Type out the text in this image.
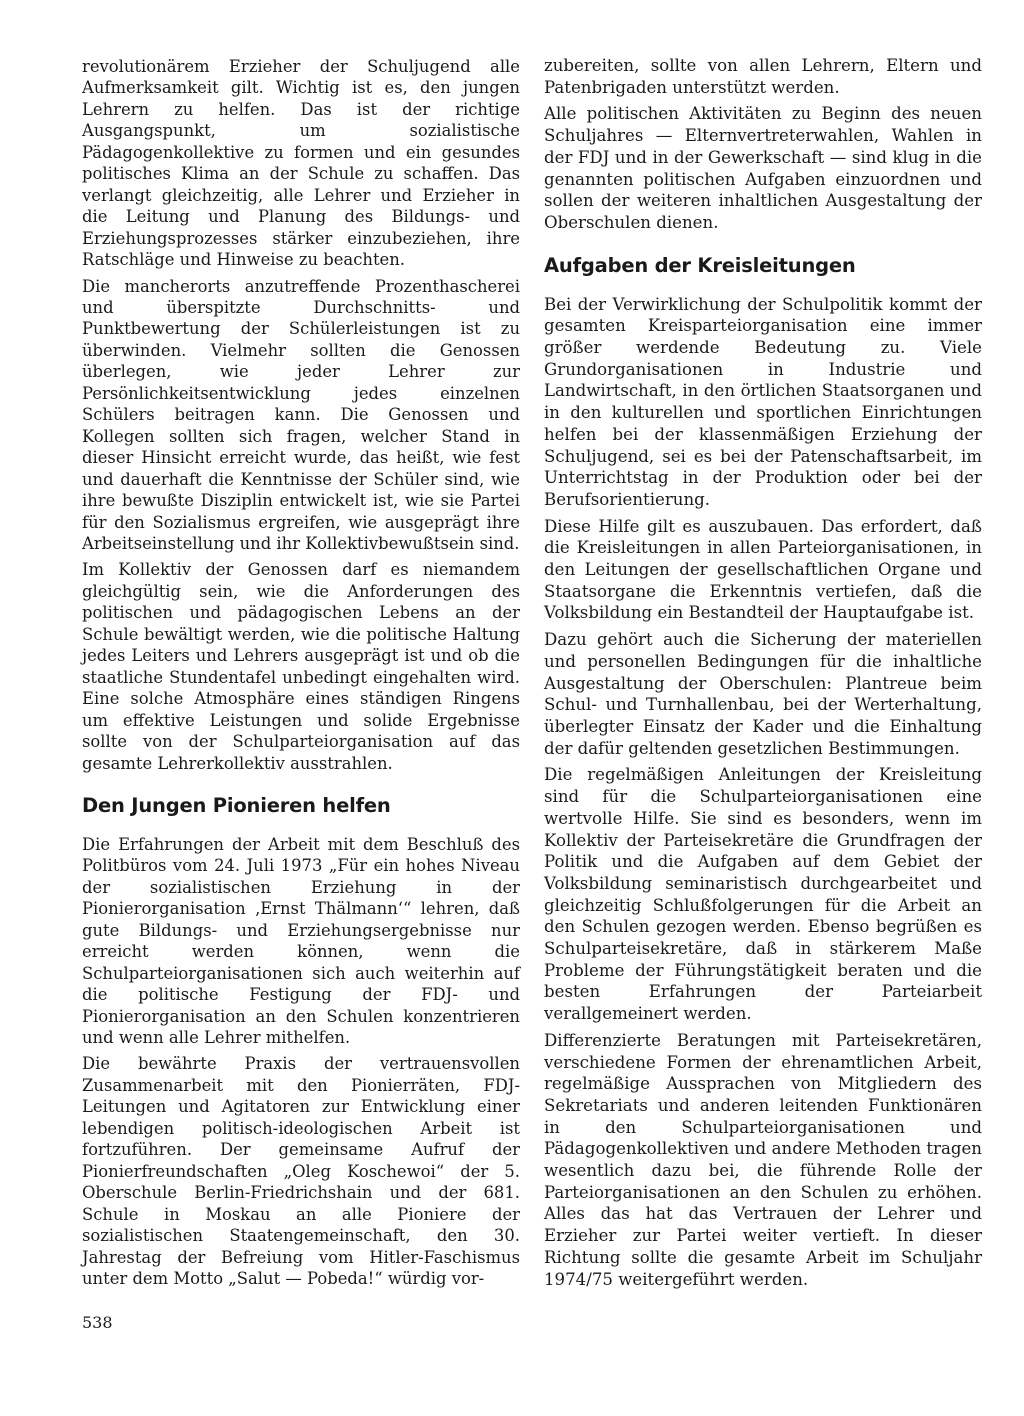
revolutionärem Erzieher der Schuljugend alle Aufmerksamkeit gilt. Wichtig ist es, den jungen Lehrern zu helfen. Das ist der richtige Ausgangspunkt, um sozialistische Pädagogenkollektive zu formen und ein gesundes politisches Klima an der Schule zu schaffen. Das verlangt gleichzeitig, alle Lehrer und Erzieher in die Leitung und Planung des Bildungs- und Erziehungsprozesses stärker einzubeziehen, ihre Ratschläge und Hinweise zu beachten.

Die mancherorts anzutreffende Prozenthascherei und überspitzte Durchschnitts- und Punktbewertung der Schülerleistungen ist zu überwinden. Vielmehr sollten die Genossen überlegen, wie jeder Lehrer zur Persönlichkeitsentwicklung jedes einzelnen Schülers beitragen kann. Die Genossen und Kollegen sollten sich fragen, welcher Stand in dieser Hinsicht erreicht wurde, das heißt, wie fest und dauerhaft die Kenntnisse der Schüler sind, wie ihre bewußte Disziplin entwickelt ist, wie sie Partei für den Sozialismus ergreifen, wie ausgeprägt ihre Arbeitseinstellung und ihr Kollektivbewußtsein sind.

Im Kollektiv der Genossen darf es niemandem gleichgültig sein, wie die Anforderungen des politischen und pädagogischen Lebens an der Schule bewältigt werden, wie die politische Haltung jedes Leiters und Lehrers ausgeprägt ist und ob die staatliche Stundentafel unbedingt eingehalten wird. Eine solche Atmosphäre eines ständigen Ringens um effektive Leistungen und solide Ergebnisse sollte von der Schulparteiorganisation auf das gesamte Lehrerkollektiv ausstrahlen.

Den Jungen Pionieren helfen

Die Erfahrungen der Arbeit mit dem Beschluß des Politbüros vom 24. Juli 1973 „Für ein hohes Niveau der sozialistischen Erziehung in der Pionierorganisation ‚Ernst Thälmann‘“ lehren, daß gute Bildungs- und Erziehungsergebnisse nur erreicht werden können, wenn die Schulparteiorganisationen sich auch weiterhin auf die politische Festigung der FDJ- und Pionierorganisation an den Schulen konzentrieren und wenn alle Lehrer mithelfen.

Die bewährte Praxis der vertrauensvollen Zusammenarbeit mit den Pionierräten, FDJ-Leitungen und Agitatoren zur Entwicklung einer lebendigen politisch-ideologischen Arbeit ist fortzuführen. Der gemeinsame Aufruf der Pionierfreundschaften „Oleg Koschewoi“ der 5. Oberschule Berlin-Friedrichshain und der 681. Schule in Moskau an alle Pioniere der sozialistischen Staatengemeinschaft, den 30. Jahrestag der Befreiung vom Hitler-Faschismus unter dem Motto „Salut — Pobeda!“ würdig vor-

zubereiten, sollte von allen Lehrern, Eltern und Patenbrigaden unterstützt werden.

Alle politischen Aktivitäten zu Beginn des neuen Schuljahres — Elternvertreterwahlen, Wahlen in der FDJ und in der Gewerkschaft — sind klug in die genannten politischen Aufgaben einzuordnen und sollen der weiteren inhaltlichen Ausgestaltung der Oberschulen dienen.

Aufgaben der Kreisleitungen

Bei der Verwirklichung der Schulpolitik kommt der gesamten Kreisparteiorganisation eine immer größer werdende Bedeutung zu. Viele Grundorganisationen in Industrie und Landwirtschaft, in den örtlichen Staatsorganen und in den kulturellen und sportlichen Einrichtungen helfen bei der klassenmäßigen Erziehung der Schuljugend, sei es bei der Patenschaftsarbeit, im Unterrichtstag in der Produktion oder bei der Berufsorientierung.

Diese Hilfe gilt es auszubauen. Das erfordert, daß die Kreisleitungen in allen Parteiorganisationen, in den Leitungen der gesellschaftlichen Organe und Staatsorgane die Erkenntnis vertiefen, daß die Volksbildung ein Bestandteil der Hauptaufgabe ist.

Dazu gehört auch die Sicherung der materiellen und personellen Bedingungen für die inhaltliche Ausgestaltung der Oberschulen: Plantreue beim Schul- und Turnhallenbau, bei der Werterhaltung, überlegter Einsatz der Kader und die Einhaltung der dafür geltenden gesetzlichen Bestimmungen.

Die regelmäßigen Anleitungen der Kreisleitung sind für die Schulparteiorganisationen eine wertvolle Hilfe. Sie sind es besonders, wenn im Kollektiv der Parteisekretäre die Grundfragen der Politik und die Aufgaben auf dem Gebiet der Volksbildung seminaristisch durchgearbeitet und gleichzeitig Schlußfolgerungen für die Arbeit an den Schulen gezogen werden. Ebenso begrüßen es Schulparteisekretäre, daß in stärkerem Maße Probleme der Führungstätigkeit beraten und die besten Erfahrungen der Parteiarbeit verallgemeinert werden.

Differenzierte Beratungen mit Parteisekretären, verschiedene Formen der ehrenamtlichen Arbeit, regelmäßige Aussprachen von Mitgliedern des Sekretariats und anderen leitenden Funktionären in den Schulparteiorganisationen und Pädagogenkollektiven und andere Methoden tragen wesentlich dazu bei, die führende Rolle der Parteiorganisationen an den Schulen zu erhöhen. Alles das hat das Vertrauen der Lehrer und Erzieher zur Partei weiter vertieft. In dieser Richtung sollte die gesamte Arbeit im Schuljahr 1974/75 weitergeführt werden.

538
